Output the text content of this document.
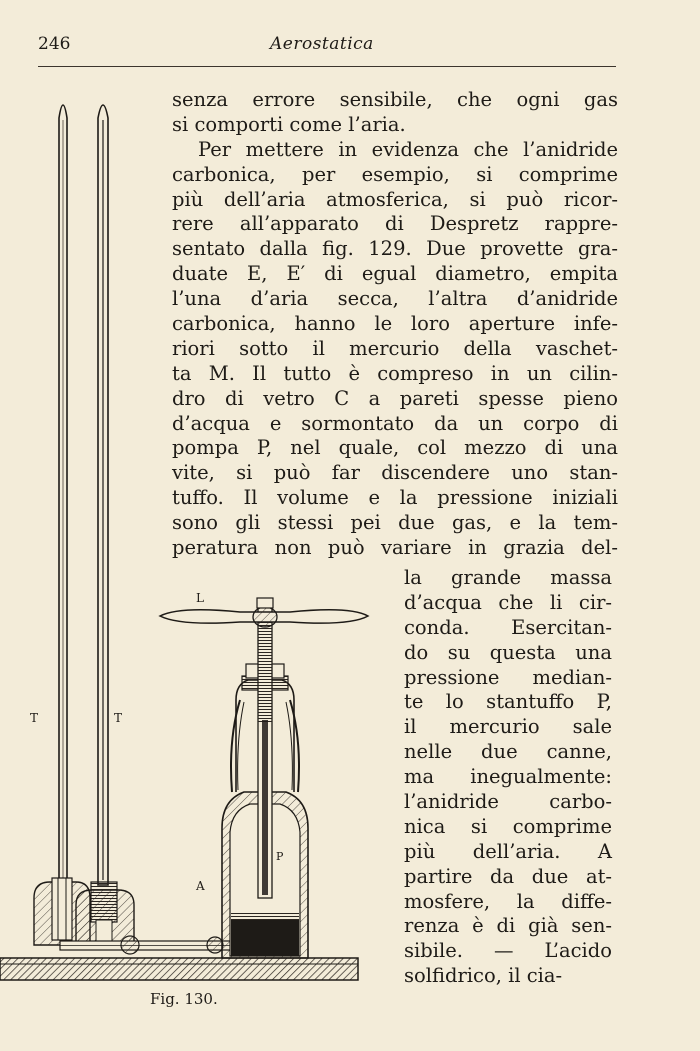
246	Aerostatica
senza errore sensibile, che ogni gas
si comporti come l’aria.
Per mettere in evidenza che l’anidride
carbonica, per esempio, si comprime
più dell’aria atmosferica, si può ricor-
rere all’apparato di Despretz rappre-
sentato dalla fig. 129. Due provette gra-
duate E, E′ di egual diametro, empita
l’una d’aria secca, l’altra d’anidride
carbonica, hanno le loro aperture infe-
riori sotto il mercurio della vaschet-
ta M. Il tutto è compreso in un cilin-
dro di vetro C a pareti spesse pieno
d’acqua e sormontato da un corpo di
pompa P, nel quale, col mezzo di una
vite, si può far discendere uno stan-
tuffo. Il volume e la pressione iniziali
sono gli stessi pei due gas, e la tem-
peratura non può variare in grazia del-
la grande massa
d’acqua che li cir-
conda. Esercitan-
do su questa una
pressione median-
te lo stantuffo P,
il mercurio sale
nelle due canne,
ma inegualmente:
l’anidride carbo-
nica si comprime
più dell’aria. A
partire da due at-
mosfere, la diffe-
renza è di già sen-
sibile. — L’acido
solfidrico, il cia-
L
T	T
P
A
Fig. 130.
